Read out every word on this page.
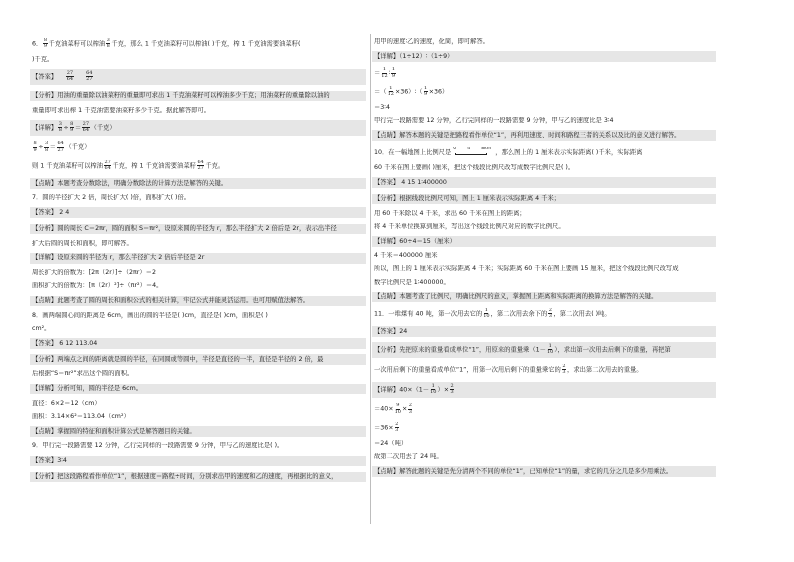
6． $\frac{8}{9}$ 千克油菜籽可以榨油 $\frac{3}{8}$ 千克，那么 1 千克油菜籽可以榨油( )千克，榨 1 千克油需要油菜籽(
)千克。
【答案】 $\frac{27}{64}$
$\frac{64}{27}$
【分析】用油的重量除以油菜籽的重量即可求出 1 千克油菜籽可以榨油多少千克；用油菜籽的重量除以油的
重量即可求出榨 1 千克油需要油菜籽多少千克。据此解答即可。
【详解】 $\frac{3}{8} \div \frac{8}{9} = \frac{27}{64}$ （千克）
$\frac{8}{9} \div \frac{3}{8} = \frac{64}{27}$ （千克）
则 1 千克油菜籽可以榨油 $\frac{27}{64}$ 千克，榨 1 千克油需要油菜籽 $\frac{64}{27}$ 千克。
【点睛】本题考查分数除法，明确分数除法的计算方法是解答的关键。
7．圆的半径扩大 2 倍，周长扩大( )倍，面积扩大( )倍。
【答案】 2 4
【分析】圆的周长 C＝2πr，圆的面积 S＝πr²，设原来圆的半径为 r，那么半径扩大 2 倍后是 2r，表示出半径
扩大后圆的周长和面积，即可解答。
【详解】设原来圆的半径为 r，那么半径扩大 2 倍后半径是 2r
周长扩大的倍数为：[2π（2r）]÷（2πr）＝2
面积扩大的倍数为：[π（2r）²]÷（πr²）＝4。
【点睛】此题考查了圆的周长和面积公式的相关计算，牢记公式并能灵活运用。也可用赋值法解答。
8．画两端圆心间的距离是 6cm，画出的圆的半径是( )cm，直径是( )cm，面积是( )
cm²。
【答案】 6 12 113.04
【分析】两端点之间的距离就是圆的半径，在同圆或等圆中，半径是直径的一半，直径是半径的 2 倍，最
后根据“S＝πr²”求出这个圆的面积。
【详解】分析可知，圆的半径是 6cm。
直径：6×2＝12（cm）
面积：3.14×6²＝113.04（cm²）
【点睛】掌握圆的特征和面积计算公式是解答题目的关键。
9．甲行完一段路需要 12 分钟，乙行完同样的一段路需要 9 分钟，甲与乙的速度比是( )。
【答案】3∶4
【分析】把这段路程看作单位“1”，根据速度＝路程÷时间，分别求出甲的速度和乙的速度，再根据比的意义，
用甲的速度∶乙的速度，化简，即可解答。
【详解】（1÷12）∶（1÷9）
＝ $\frac{1}{12}$ ∶ $\frac{1}{9}$
＝（ $\frac{1}{12}$ ×36）∶（ $\frac{1}{9} \times 36$）
＝3∶4
甲行完一段路需要 12 分钟，乙行完同样的一段路需要 9 分钟，甲与乙的速度比是 3∶4
【点睛】解答本题的关键是把路程看作单位“1”，再利用速度、时间和路程三者的关系以及比的意义进行解答。
10．在一幅地图上比例尺是 0 4 8km ，那么图上的 1 厘米表示实际距离( )千米，实际距离
60 千米在图上要画( )厘米，把这个线段比例尺改写成数字比例尺是( )。
【答案】 4 15 1∶400000
【分析】根据线段比例尺可知，图上 1 厘米表示实际距离 4 千米；
用 60 千米除以 4 千米，求出 60 千米在图上的距离；
将 4 千米单位换算到厘米，写出这个线段比例尺对应的数字比例尺。
【详解】60÷4＝15（厘米）
4 千米＝400000 厘米
所以，图上的 1 厘米表示实际距离 4 千米；实际距离 60 千米在图上要画 15 厘米，把这个线段比例尺改写成
数字比例尺是 1∶400000。
【点睛】本题考查了比例尺，明确比例尺的意义，掌握图上距离和实际距离的换算方法是解答的关键。
11．一堆煤有 40 吨，第一次用去它的 $\frac{1}{10}$ ，第二次用去余下的 $\frac{2}{3}$ ，第二次用去( )吨。
【答案】24
【分析】先把原来的重量看成单位“1”，用原来的重量乘（$1- \frac{1}{10}$ ），求出第一次用去后剩下的重量，再把第
一次用后剩下的重量看成单位“1”，用第一次用后剩下的重量乘它的 $\frac{2}{3}$ ，求出第二次用去的重量。
【详解】$40\times(1- \frac{1}{10}$ ）× $\frac{2}{3}$
$=40\times \frac{9}{10} \times \frac{2}{3}$
$=36\times \frac{2}{3}$
＝24（吨）
故第二次用去了 24 吨。
【点睛】解答此题的关键是先分清两个不同的单位“1”，已知单位“1”的量，求它的几分之几是多少用乘法。
